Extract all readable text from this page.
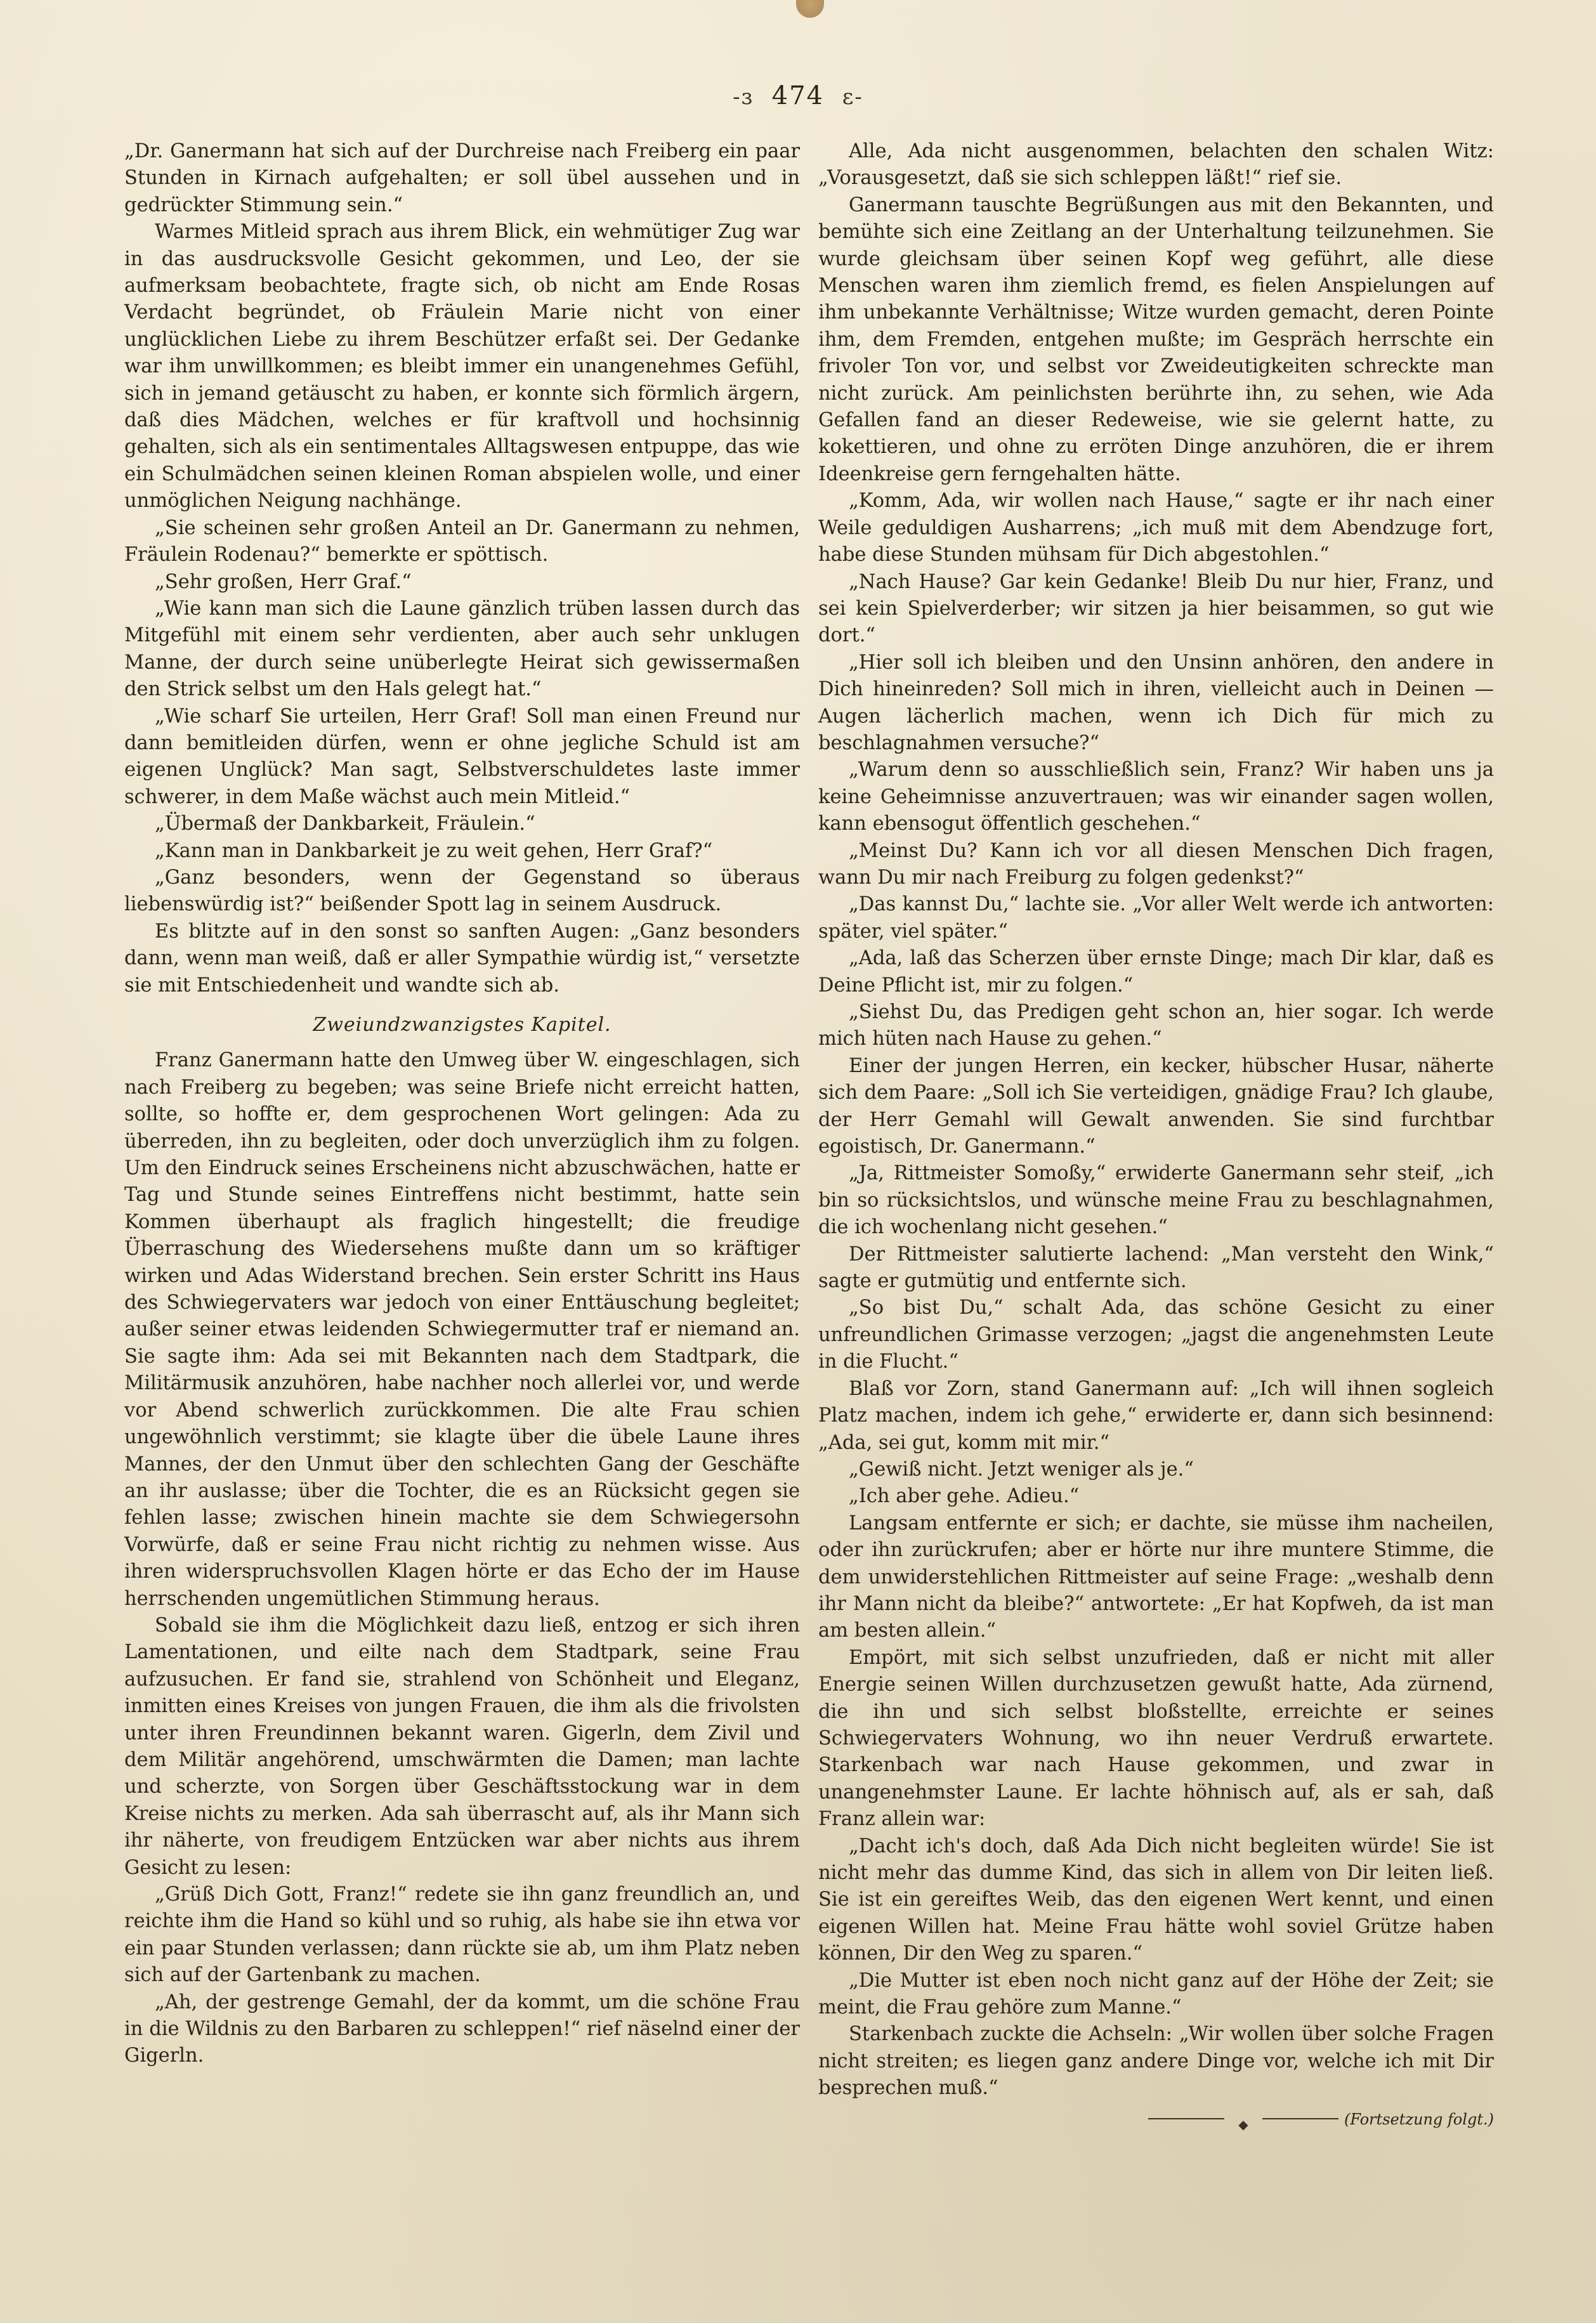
-ɜ 474 ɛ-

„Dr. Ganermann hat sich auf der Durchreise nach Freiberg ein paar Stunden in Kirnach aufgehalten; er soll übel aussehen und in gedrückter Stimmung sein.“

Warmes Mitleid sprach aus ihrem Blick, ein wehmütiger Zug war in das ausdrucksvolle Gesicht gekommen, und Leo, der sie aufmerksam beobachtete, fragte sich, ob nicht am Ende Rosas Verdacht begründet, ob Fräulein Marie nicht von einer unglücklichen Liebe zu ihrem Beschützer erfaßt sei. Der Gedanke war ihm unwillkommen; es bleibt immer ein unangenehmes Gefühl, sich in jemand getäuscht zu haben, er konnte sich förmlich ärgern, daß dies Mädchen, welches er für kraftvoll und hochsinnig gehalten, sich als ein sentimentales Alltagswesen entpuppe, das wie ein Schulmädchen seinen kleinen Roman abspielen wolle, und einer unmöglichen Neigung nachhänge.

„Sie scheinen sehr großen Anteil an Dr. Ganermann zu nehmen, Fräulein Rodenau?“ bemerkte er spöttisch.

„Sehr großen, Herr Graf.“

„Wie kann man sich die Laune gänzlich trüben lassen durch das Mitgefühl mit einem sehr verdienten, aber auch sehr unklugen Manne, der durch seine unüberlegte Heirat sich gewissermaßen den Strick selbst um den Hals gelegt hat.“

„Wie scharf Sie urteilen, Herr Graf! Soll man einen Freund nur dann bemitleiden dürfen, wenn er ohne jegliche Schuld ist am eigenen Unglück? Man sagt, Selbstverschuldetes laste immer schwerer, in dem Maße wächst auch mein Mitleid.“

„Übermaß der Dankbarkeit, Fräulein.“

„Kann man in Dankbarkeit je zu weit gehen, Herr Graf?“

„Ganz besonders, wenn der Gegenstand so überaus liebenswürdig ist?“ beißender Spott lag in seinem Ausdruck.

Es blitzte auf in den sonst so sanften Augen: „Ganz besonders dann, wenn man weiß, daß er aller Sympathie würdig ist,“ versetzte sie mit Entschiedenheit und wandte sich ab.

Zweiundzwanzigstes Kapitel.

Franz Ganermann hatte den Umweg über W. eingeschlagen, sich nach Freiberg zu begeben; was seine Briefe nicht erreicht hatten, sollte, so hoffte er, dem gesprochenen Wort gelingen: Ada zu überreden, ihn zu begleiten, oder doch unverzüglich ihm zu folgen. Um den Eindruck seines Erscheinens nicht abzuschwächen, hatte er Tag und Stunde seines Eintreffens nicht bestimmt, hatte sein Kommen überhaupt als fraglich hingestellt; die freudige Überraschung des Wiedersehens mußte dann um so kräftiger wirken und Adas Widerstand brechen. Sein erster Schritt ins Haus des Schwiegervaters war jedoch von einer Enttäuschung begleitet; außer seiner etwas leidenden Schwiegermutter traf er niemand an. Sie sagte ihm: Ada sei mit Bekannten nach dem Stadtpark, die Militärmusik anzuhören, habe nachher noch allerlei vor, und werde vor Abend schwerlich zurückkommen. Die alte Frau schien ungewöhnlich verstimmt; sie klagte über die übele Laune ihres Mannes, der den Unmut über den schlechten Gang der Geschäfte an ihr auslasse; über die Tochter, die es an Rücksicht gegen sie fehlen lasse; zwischen hinein machte sie dem Schwiegersohn Vorwürfe, daß er seine Frau nicht richtig zu nehmen wisse. Aus ihren widerspruchsvollen Klagen hörte er das Echo der im Hause herrschenden ungemütlichen Stimmung heraus.

Sobald sie ihm die Möglichkeit dazu ließ, entzog er sich ihren Lamentationen, und eilte nach dem Stadtpark, seine Frau aufzusuchen. Er fand sie, strahlend von Schönheit und Eleganz, inmitten eines Kreises von jungen Frauen, die ihm als die frivolsten unter ihren Freundinnen bekannt waren. Gigerln, dem Zivil und dem Militär angehörend, umschwärmten die Damen; man lachte und scherzte, von Sorgen über Geschäftsstockung war in dem Kreise nichts zu merken. Ada sah überrascht auf, als ihr Mann sich ihr näherte, von freudigem Entzücken war aber nichts aus ihrem Gesicht zu lesen:

„Grüß Dich Gott, Franz!“ redete sie ihn ganz freundlich an, und reichte ihm die Hand so kühl und so ruhig, als habe sie ihn etwa vor ein paar Stunden verlassen; dann rückte sie ab, um ihm Platz neben sich auf der Gartenbank zu machen.

„Ah, der gestrenge Gemahl, der da kommt, um die schöne Frau in die Wildnis zu den Barbaren zu schleppen!“ rief näselnd einer der Gigerln.

Alle, Ada nicht ausgenommen, belachten den schalen Witz: „Vorausgesetzt, daß sie sich schleppen läßt!“ rief sie.

Ganermann tauschte Begrüßungen aus mit den Bekannten, und bemühte sich eine Zeitlang an der Unterhaltung teilzunehmen. Sie wurde gleichsam über seinen Kopf weg geführt, alle diese Menschen waren ihm ziemlich fremd, es fielen Anspielungen auf ihm unbekannte Verhältnisse; Witze wurden gemacht, deren Pointe ihm, dem Fremden, entgehen mußte; im Gespräch herrschte ein frivoler Ton vor, und selbst vor Zweideutigkeiten schreckte man nicht zurück. Am peinlichsten berührte ihn, zu sehen, wie Ada Gefallen fand an dieser Redeweise, wie sie gelernt hatte, zu kokettieren, und ohne zu erröten Dinge anzuhören, die er ihrem Ideenkreise gern ferngehalten hätte.

„Komm, Ada, wir wollen nach Hause,“ sagte er ihr nach einer Weile geduldigen Ausharrens; „ich muß mit dem Abendzuge fort, habe diese Stunden mühsam für Dich abgestohlen.“

„Nach Hause? Gar kein Gedanke! Bleib Du nur hier, Franz, und sei kein Spielverderber; wir sitzen ja hier beisammen, so gut wie dort.“

„Hier soll ich bleiben und den Unsinn anhören, den andere in Dich hineinreden? Soll mich in ihren, vielleicht auch in Deinen — Augen lächerlich machen, wenn ich Dich für mich zu beschlagnahmen versuche?“

„Warum denn so ausschließlich sein, Franz? Wir haben uns ja keine Geheimnisse anzuvertrauen; was wir einander sagen wollen, kann ebensogut öffentlich geschehen.“

„Meinst Du? Kann ich vor all diesen Menschen Dich fragen, wann Du mir nach Freiburg zu folgen gedenkst?“

„Das kannst Du,“ lachte sie. „Vor aller Welt werde ich antworten: später, viel später.“

„Ada, laß das Scherzen über ernste Dinge; mach Dir klar, daß es Deine Pflicht ist, mir zu folgen.“

„Siehst Du, das Predigen geht schon an, hier sogar. Ich werde mich hüten nach Hause zu gehen.“

Einer der jungen Herren, ein kecker, hübscher Husar, näherte sich dem Paare: „Soll ich Sie verteidigen, gnädige Frau? Ich glaube, der Herr Gemahl will Gewalt anwenden. Sie sind furchtbar egoistisch, Dr. Ganermann.“

„Ja, Rittmeister Somoßy,“ erwiderte Ganermann sehr steif, „ich bin so rücksichtslos, und wünsche meine Frau zu beschlagnahmen, die ich wochenlang nicht gesehen.“

Der Rittmeister salutierte lachend: „Man versteht den Wink,“ sagte er gutmütig und entfernte sich.

„So bist Du,“ schalt Ada, das schöne Gesicht zu einer unfreundlichen Grimasse verzogen; „jagst die angenehmsten Leute in die Flucht.“

Blaß vor Zorn, stand Ganermann auf: „Ich will ihnen sogleich Platz machen, indem ich gehe,“ erwiderte er, dann sich besinnend: „Ada, sei gut, komm mit mir.“

„Gewiß nicht. Jetzt weniger als je.“

„Ich aber gehe. Adieu.“

Langsam entfernte er sich; er dachte, sie müsse ihm nacheilen, oder ihn zurückrufen; aber er hörte nur ihre muntere Stimme, die dem unwiderstehlichen Rittmeister auf seine Frage: „weshalb denn ihr Mann nicht da bleibe?“ antwortete: „Er hat Kopfweh, da ist man am besten allein.“

Empört, mit sich selbst unzufrieden, daß er nicht mit aller Energie seinen Willen durchzusetzen gewußt hatte, Ada zürnend, die ihn und sich selbst bloßstellte, erreichte er seines Schwiegervaters Wohnung, wo ihn neuer Verdruß erwartete. Starkenbach war nach Hause gekommen, und zwar in unangenehmster Laune. Er lachte höhnisch auf, als er sah, daß Franz allein war:

„Dacht ich's doch, daß Ada Dich nicht begleiten würde! Sie ist nicht mehr das dumme Kind, das sich in allem von Dir leiten ließ. Sie ist ein gereiftes Weib, das den eigenen Wert kennt, und einen eigenen Willen hat. Meine Frau hätte wohl soviel Grütze haben können, Dir den Weg zu sparen.“

„Die Mutter ist eben noch nicht ganz auf der Höhe der Zeit; sie meint, die Frau gehöre zum Manne.“

Starkenbach zuckte die Achseln: „Wir wollen über solche Fragen nicht streiten; es liegen ganz andere Dinge vor, welche ich mit Dir besprechen muß.“

◆	(Fortsetzung folgt.)
